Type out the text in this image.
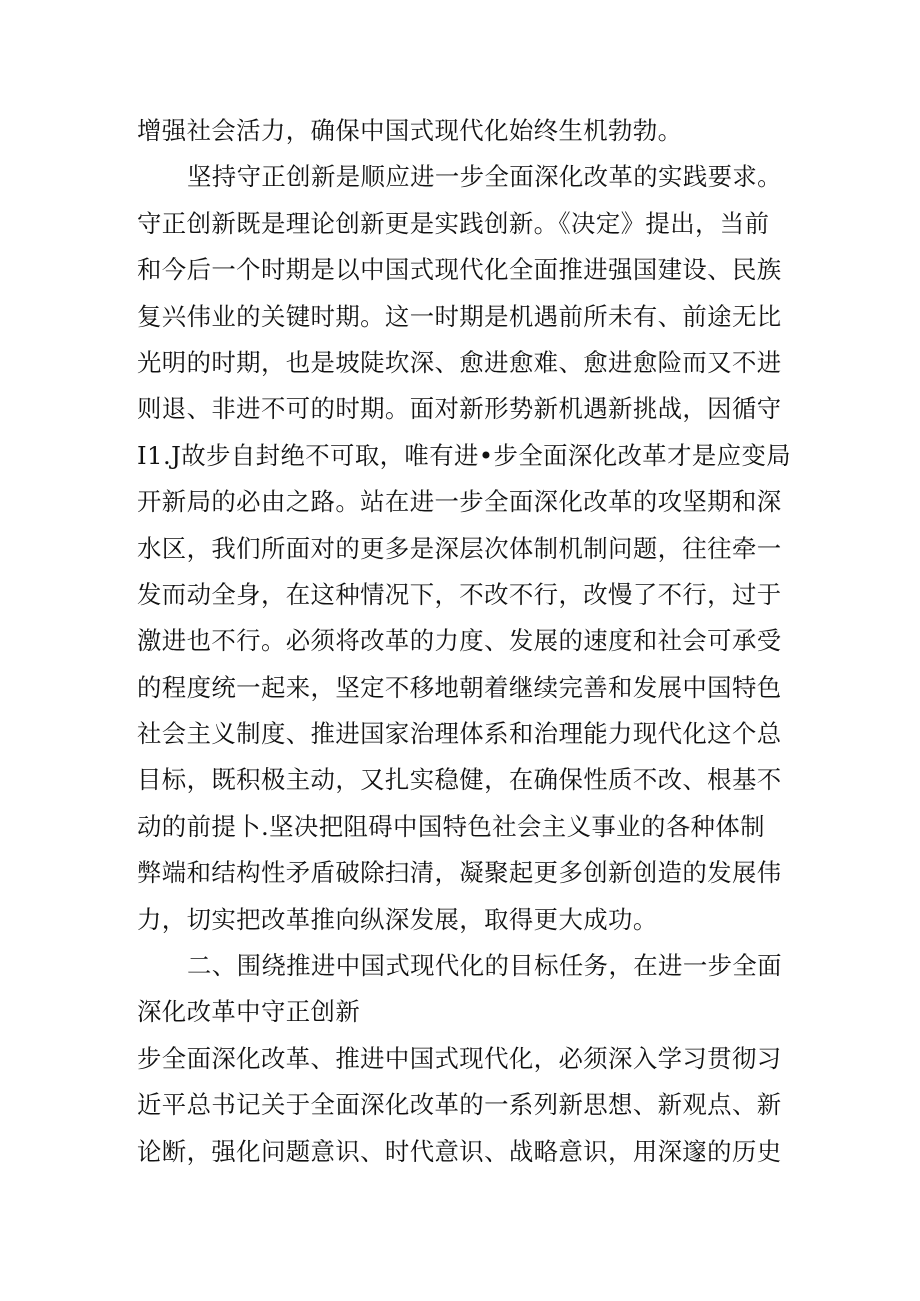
增强社会活力，确保中国式现代化始终生机勃勃。
坚持守正创新是顺应进一步全面深化改革的实践要求。
守正创新既是理论创新更是实践创新。《决定》提出，当前
和今后一个时期是以中国式现代化全面推进强国建设、民族
复兴伟业的关键时期。这一时期是机遇前所未有、前途无比
光明的时期，也是坡陡坎深、愈进愈难、愈进愈险而又不进
则退、非进不可的时期。面对新形势新机遇新挑战，因循守
I1.J故步自封绝不可取，唯有进•步全面深化改革才是应变局
开新局的必由之路。站在进一步全面深化改革的攻坚期和深
水区，我们所面对的更多是深层次体制机制问题，往往牵一
发而动全身，在这种情况下，不改不行，改慢了不行，过于
激进也不行。必须将改革的力度、发展的速度和社会可承受
的程度统一起来，坚定不移地朝着继续完善和发展中国特色
社会主义制度、推进国家治理体系和治理能力现代化这个总
目标，既积极主动，又扎实稳健，在确保性质不改、根基不
动的前提卜.坚决把阻碍中国特色社会主义事业的各种体制
弊端和结构性矛盾破除扫清，凝聚起更多创新创造的发展伟
力，切实把改革推向纵深发展，取得更大成功。
二、围绕推进中国式现代化的目标任务，在进一步全面
深化改革中守正创新
步全面深化改革、推进中国式现代化，必须深入学习贯彻习
近平总书记关于全面深化改革的一系列新思想、新观点、新
论断，强化问题意识、时代意识、战略意识，用深邃的历史
